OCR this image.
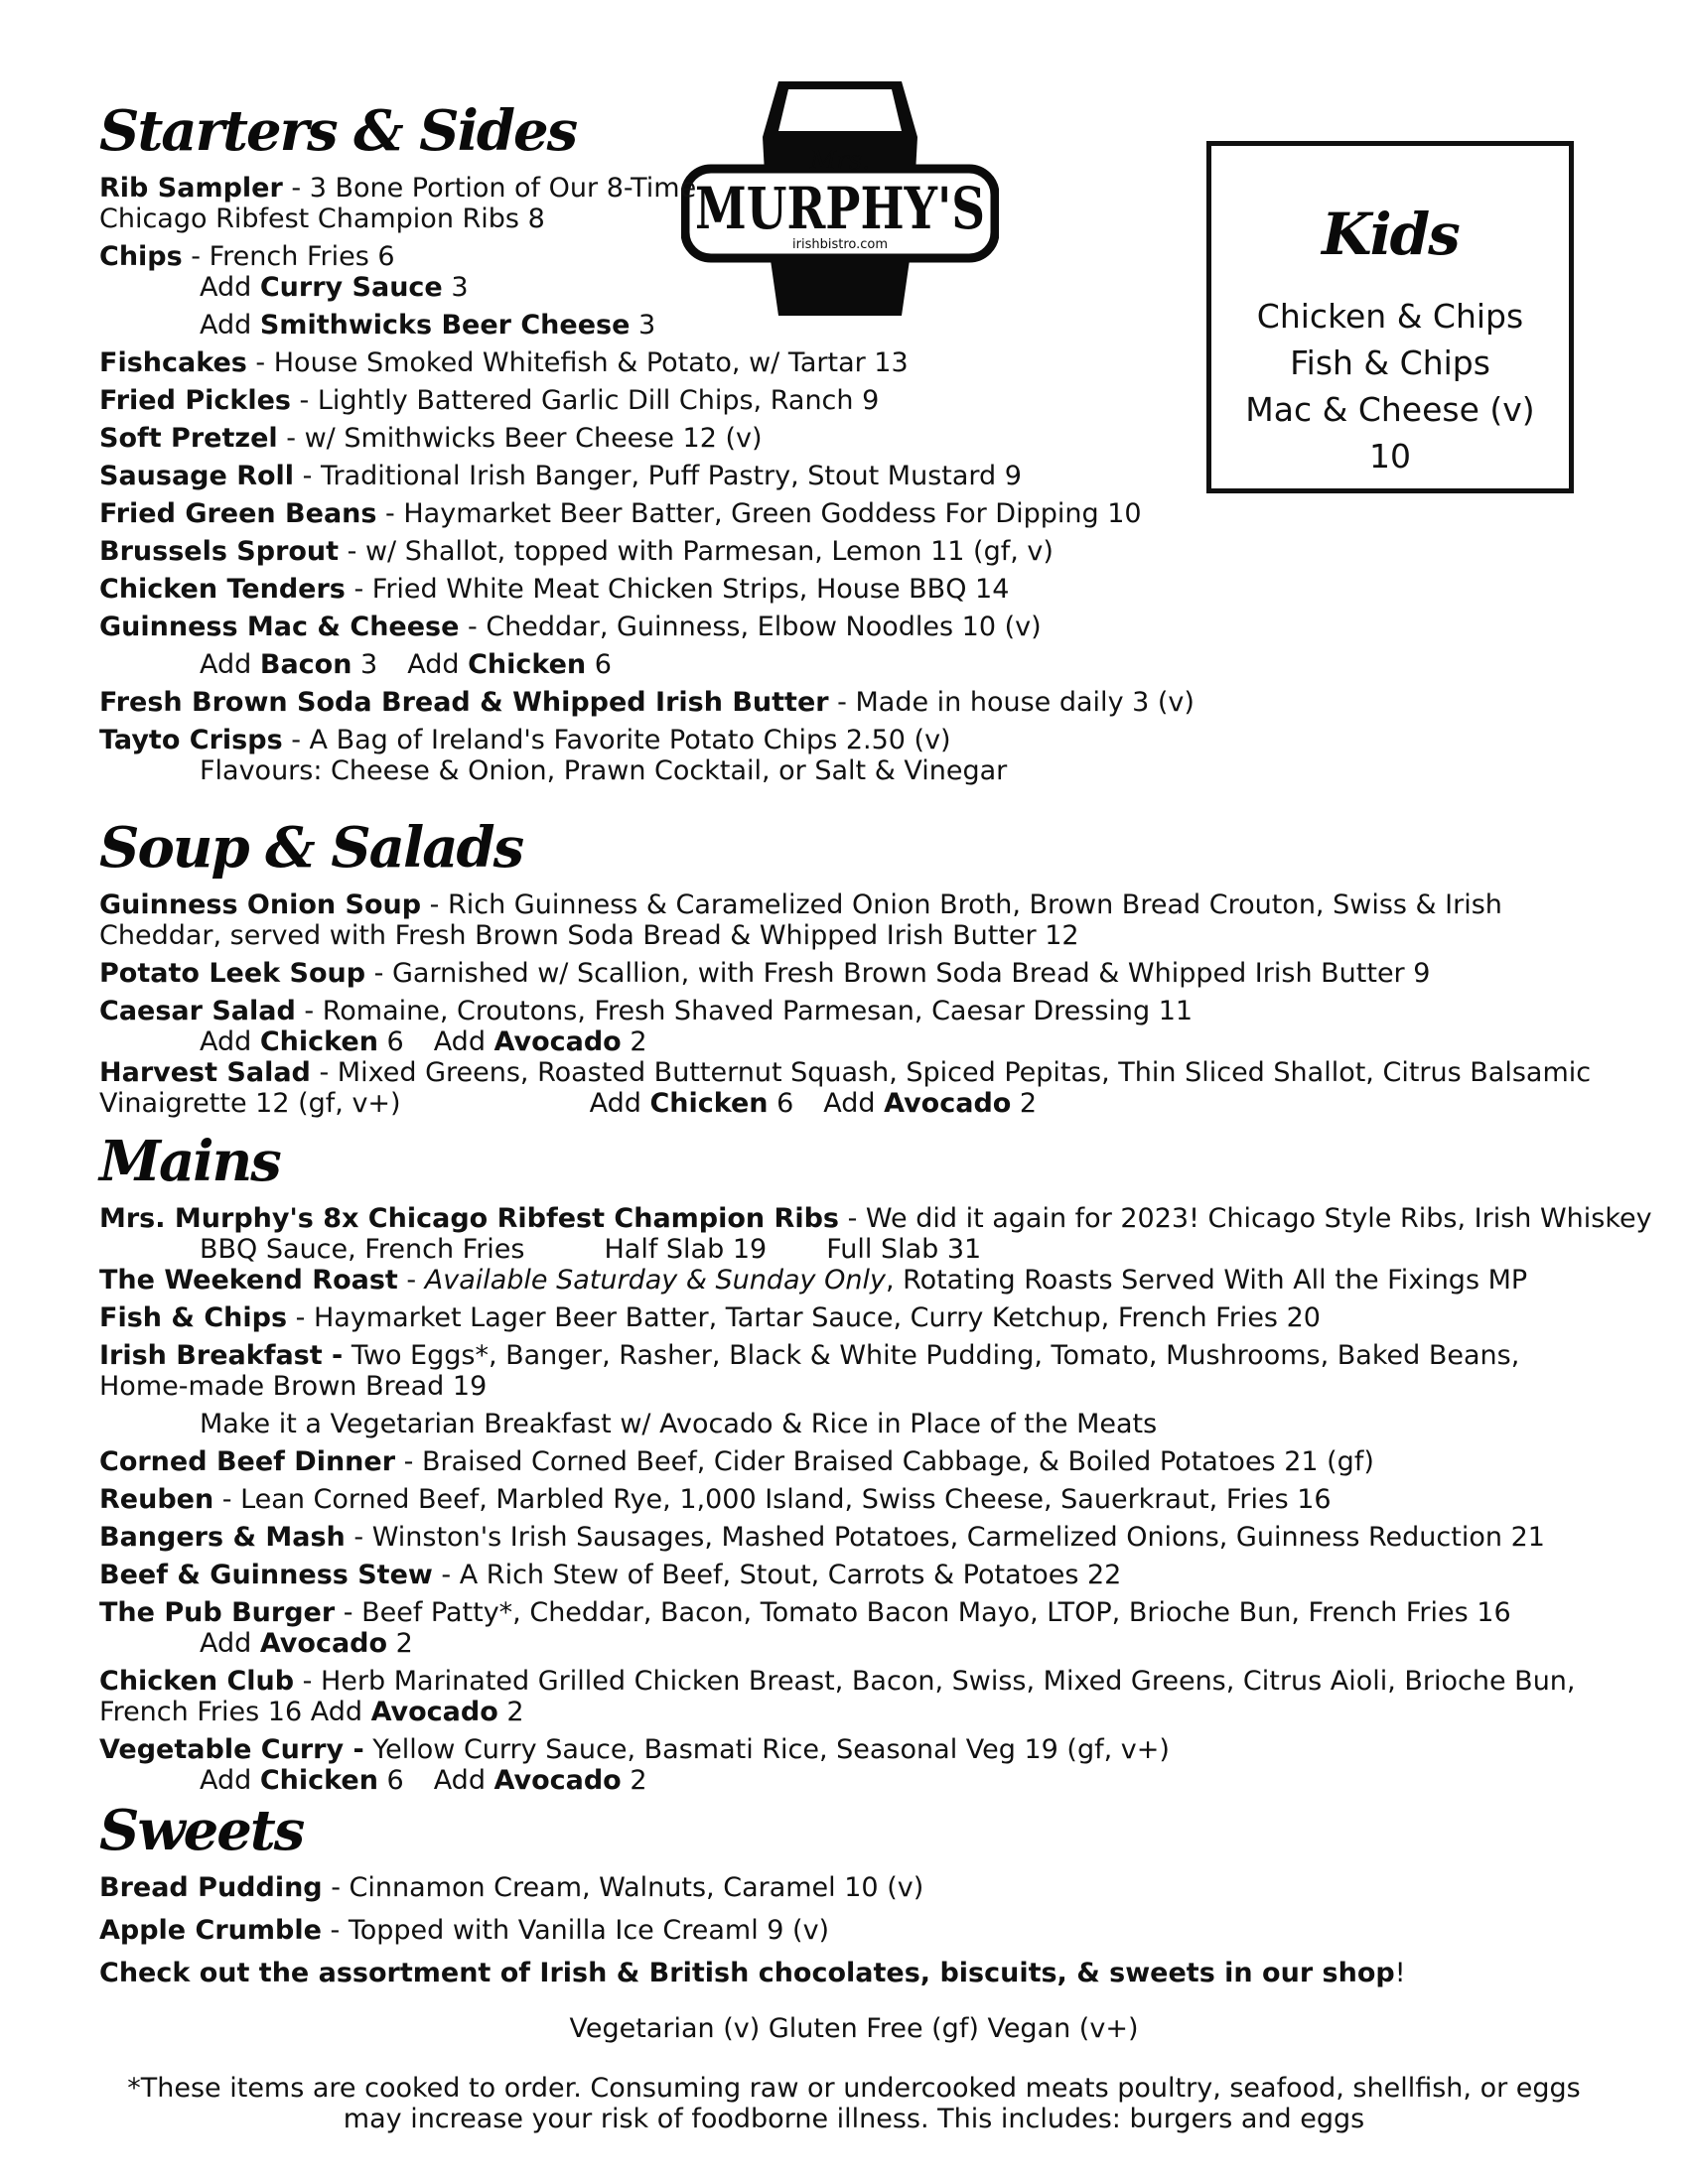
Mrs.
MURPHY'S
irishbistro.com	Kids
Chicken & Chips
Fish & Chips
Mac & Cheese (v)
10
Starters & Sides
Rib Sampler - 3 Bone Portion of Our 8-Time
Chicago Ribfest Champion Ribs 8
Chips - French Fries 6
Add Curry Sauce 3
Add Smithwicks Beer Cheese 3
Fishcakes - House Smoked Whitefish & Potato, w/ Tartar 13
Fried Pickles - Lightly Battered Garlic Dill Chips, Ranch 9
Soft Pretzel - w/ Smithwicks Beer Cheese 12 (v)
Sausage Roll - Traditional Irish Banger, Puff Pastry, Stout Mustard 9
Fried Green Beans - Haymarket Beer Batter, Green Goddess For Dipping 10
Brussels Sprout - w/ Shallot, topped with Parmesan, Lemon 11 (gf, v)
Chicken Tenders - Fried White Meat Chicken Strips, House BBQ 14
Guinness Mac & Cheese - Cheddar, Guinness, Elbow Noodles 10 (v)
Add Bacon 3 Add Chicken 6
Fresh Brown Soda Bread & Whipped Irish Butter - Made in house daily 3 (v)
Tayto Crisps - A Bag of Ireland's Favorite Potato Chips 2.50 (v)
Flavours: Cheese & Onion, Prawn Cocktail, or Salt & Vinegar
Soup & Salads
Guinness Onion Soup - Rich Guinness & Caramelized Onion Broth, Brown Bread Crouton, Swiss & Irish Cheddar, served with Fresh Brown Soda Bread & Whipped Irish Butter 12
Potato Leek Soup - Garnished w/ Scallion, with Fresh Brown Soda Bread & Whipped Irish Butter 9
Caesar Salad - Romaine, Croutons, Fresh Shaved Parmesan, Caesar Dressing 11
Add Chicken 6 Add Avocado 2
Harvest Salad - Mixed Greens, Roasted Butternut Squash, Spiced Pepitas, Thin Sliced Shallot, Citrus Balsamic
Vinaigrette 12 (gf, v+)	Add Chicken 6 Add Avocado 2
Mains
Mrs. Murphy's 8x Chicago Ribfest Champion Ribs - We did it again for 2023! Chicago Style Ribs, Irish Whiskey
BBQ Sauce, French Fries	Half Slab 19 Full Slab 31
The Weekend Roast - Available Saturday & Sunday Only, Rotating Roasts Served With All the Fixings MP
Fish & Chips - Haymarket Lager Beer Batter, Tartar Sauce, Curry Ketchup, French Fries 20
Irish Breakfast - Two Eggs*, Banger, Rasher, Black & White Pudding, Tomato, Mushrooms, Baked Beans, Home-made Brown Bread 19
Make it a Vegetarian Breakfast w/ Avocado & Rice in Place of the Meats
Corned Beef Dinner - Braised Corned Beef, Cider Braised Cabbage, & Boiled Potatoes 21 (gf)
Reuben - Lean Corned Beef, Marbled Rye, 1,000 Island, Swiss Cheese, Sauerkraut, Fries 16
Bangers & Mash - Winston's Irish Sausages, Mashed Potatoes, Carmelized Onions, Guinness Reduction 21
Beef & Guinness Stew - A Rich Stew of Beef, Stout, Carrots & Potatoes 22
The Pub Burger - Beef Patty*, Cheddar, Bacon, Tomato Bacon Mayo, LTOP, Brioche Bun, French Fries 16
Add Avocado 2
Chicken Club - Herb Marinated Grilled Chicken Breast, Bacon, Swiss, Mixed Greens, Citrus Aioli, Brioche Bun, French Fries 16 Add Avocado 2
Vegetable Curry - Yellow Curry Sauce, Basmati Rice, Seasonal Veg 19 (gf, v+)
Add Chicken 6 Add Avocado 2
Sweets
Bread Pudding - Cinnamon Cream, Walnuts, Caramel 10 (v)
Apple Crumble - Topped with Vanilla Ice Creaml 9 (v)
Check out the assortment of Irish & British chocolates, biscuits, & sweets in our shop!
Vegetarian (v) Gluten Free (gf) Vegan (v+)
*These items are cooked to order. Consuming raw or undercooked meats poultry, seafood, shellfish, or eggs
may increase your risk of foodborne illness. This includes: burgers and eggs
